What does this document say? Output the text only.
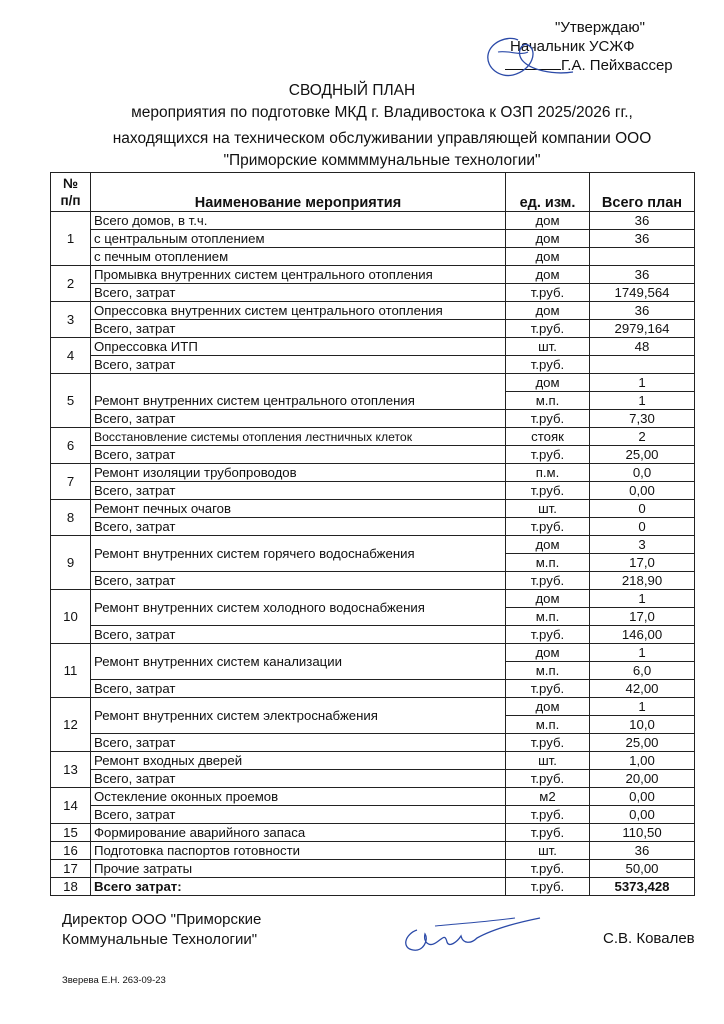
"Утверждаю"
Начальник УСЖФ
Г.А. Пейхвассер
СВОДНЫЙ ПЛАН
мероприятия по подготовке МКД г. Владивостока к ОЗП 2025/2026 гг.,
находящихся на техническом обслуживании управляющей компании ООО
"Приморские коммммунальные технологии"
№
п/п	Наименование мероприятия	ед. изм.	Всего план
1	Всего домов, в т.ч.	дом	36
	с центральным отоплением	дом	36
	с печным отоплением	дом	
2	Промывка внутренних систем центрального отопления	дом	36
	Всего, затрат	т.руб.	1749,564
3	Опрессовка внутренних систем центрального отопления	дом	36
	Всего, затрат	т.руб.	2979,164
4	Опрессовка ИТП	шт.	48
	Всего, затрат	т.руб.	
5	Ремонт внутренних систем центрального отопления	дом	1
		м.п.	1
	Всего, затрат	т.руб.	7,30
6	Восстановление системы отопления лестничных клеток	стояк	2
	Всего, затрат	т.руб.	25,00
7	Ремонт изоляции трубопроводов	п.м.	0,0
	Всего, затрат	т.руб.	0,00
8	Ремонт печных очагов	шт.	0
	Всего, затрат	т.руб.	0
9	Ремонт внутренних систем горячего водоснабжения	дом	3
		м.п.	17,0
	Всего, затрат	т.руб.	218,90
10	Ремонт внутренних систем холодного водоснабжения	дом	1
		м.п.	17,0
	Всего, затрат	т.руб.	146,00
11	Ремонт внутренних систем канализации	дом	1
		м.п.	6,0
	Всего, затрат	т.руб.	42,00
12	Ремонт внутренних систем электроснабжения	дом	1
		м.п.	10,0
	Всего, затрат	т.руб.	25,00
13	Ремонт входных дверей	шт.	1,00
	Всего, затрат	т.руб.	20,00
14	Остекление оконных проемов	м2	0,00
	Всего, затрат	т.руб.	0,00
15	Формирование аварийного запаса	т.руб.	110,50
16	Подготовка паспортов готовности	шт.	36
17	Прочие затраты	т.руб.	50,00
18	Всего затрат:	т.руб.	5373,428
Директор ООО "Приморские
Коммунальные Технологии"	С.В. Ковалев
Зверева Е.Н. 263-09-23
